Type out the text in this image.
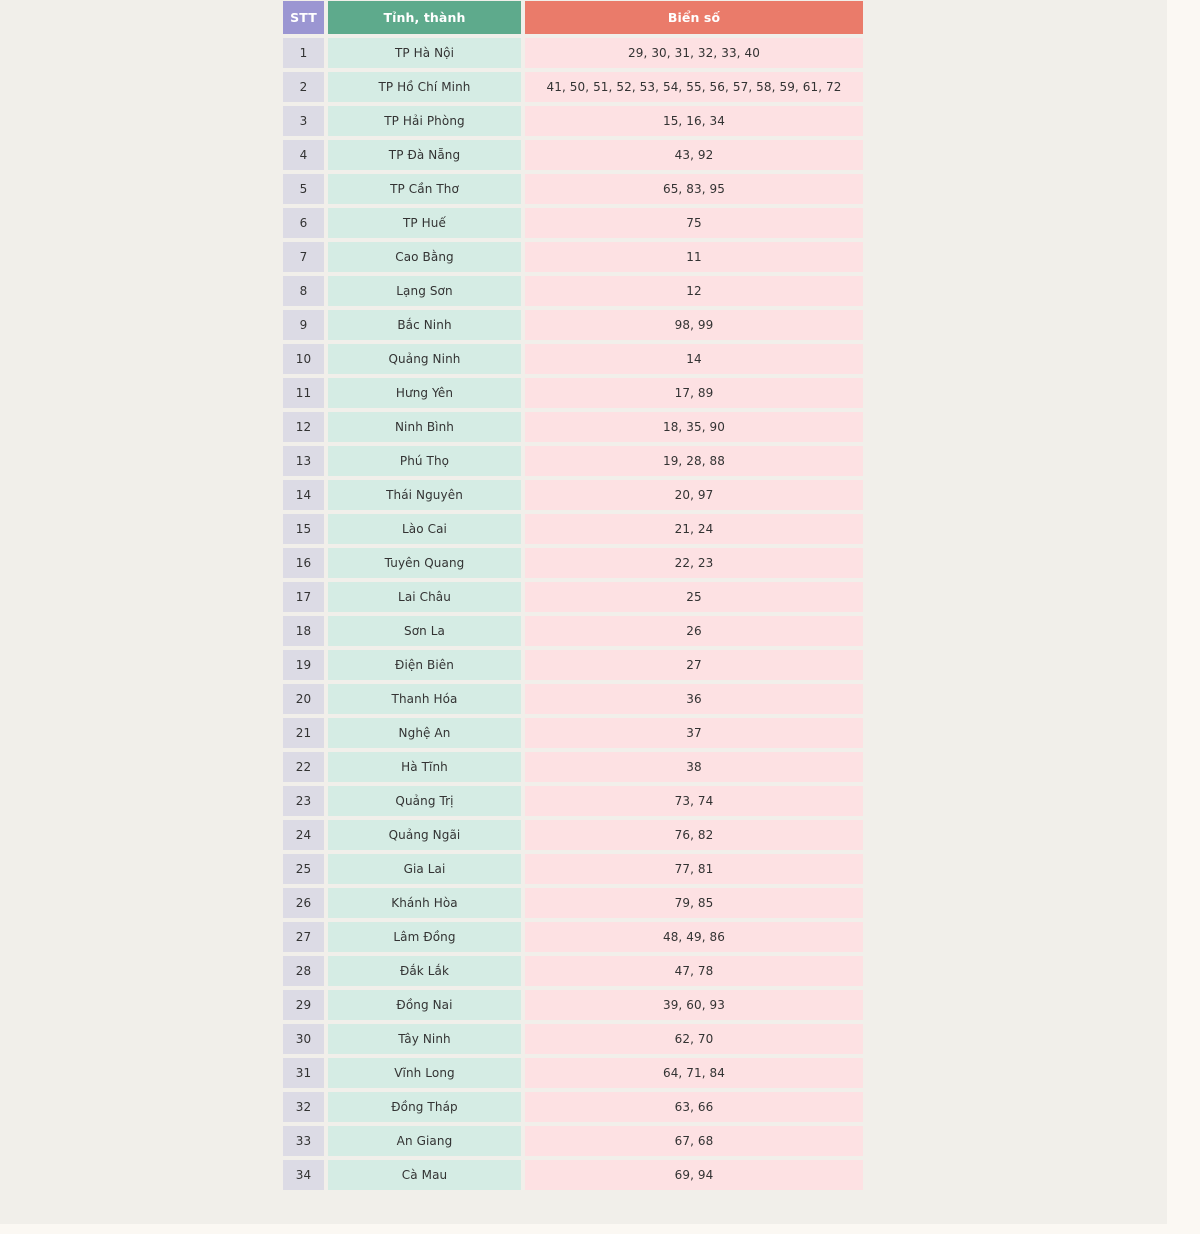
STT		Tỉnh, thành		Biển số
1		TP Hà Nội		29, 30, 31, 32, 33, 40
2		TP Hồ Chí Minh		41, 50, 51, 52, 53, 54, 55, 56, 57, 58, 59, 61, 72
3		TP Hải Phòng		15, 16, 34
4		TP Đà Nẵng		43, 92
5		TP Cần Thơ		65, 83, 95
6		TP Huế		75
7		Cao Bằng		11
8		Lạng Sơn		12
9		Bắc Ninh		98, 99
10		Quảng Ninh		14
11		Hưng Yên		17, 89
12		Ninh Bình		18, 35, 90
13		Phú Thọ		19, 28, 88
14		Thái Nguyên		20, 97
15		Lào Cai		21, 24
16		Tuyên Quang		22, 23
17		Lai Châu		25
18		Sơn La		26
19		Điện Biên		27
20		Thanh Hóa		36
21		Nghệ An		37
22		Hà Tĩnh		38
23		Quảng Trị		73, 74
24		Quảng Ngãi		76, 82
25		Gia Lai		77, 81
26		Khánh Hòa		79, 85
27		Lâm Đồng		48, 49, 86
28		Đắk Lắk		47, 78
29		Đồng Nai		39, 60, 93
30		Tây Ninh		62, 70
31		Vĩnh Long		64, 71, 84
32		Đồng Tháp		63, 66
33		An Giang		67, 68
34		Cà Mau		69, 94
